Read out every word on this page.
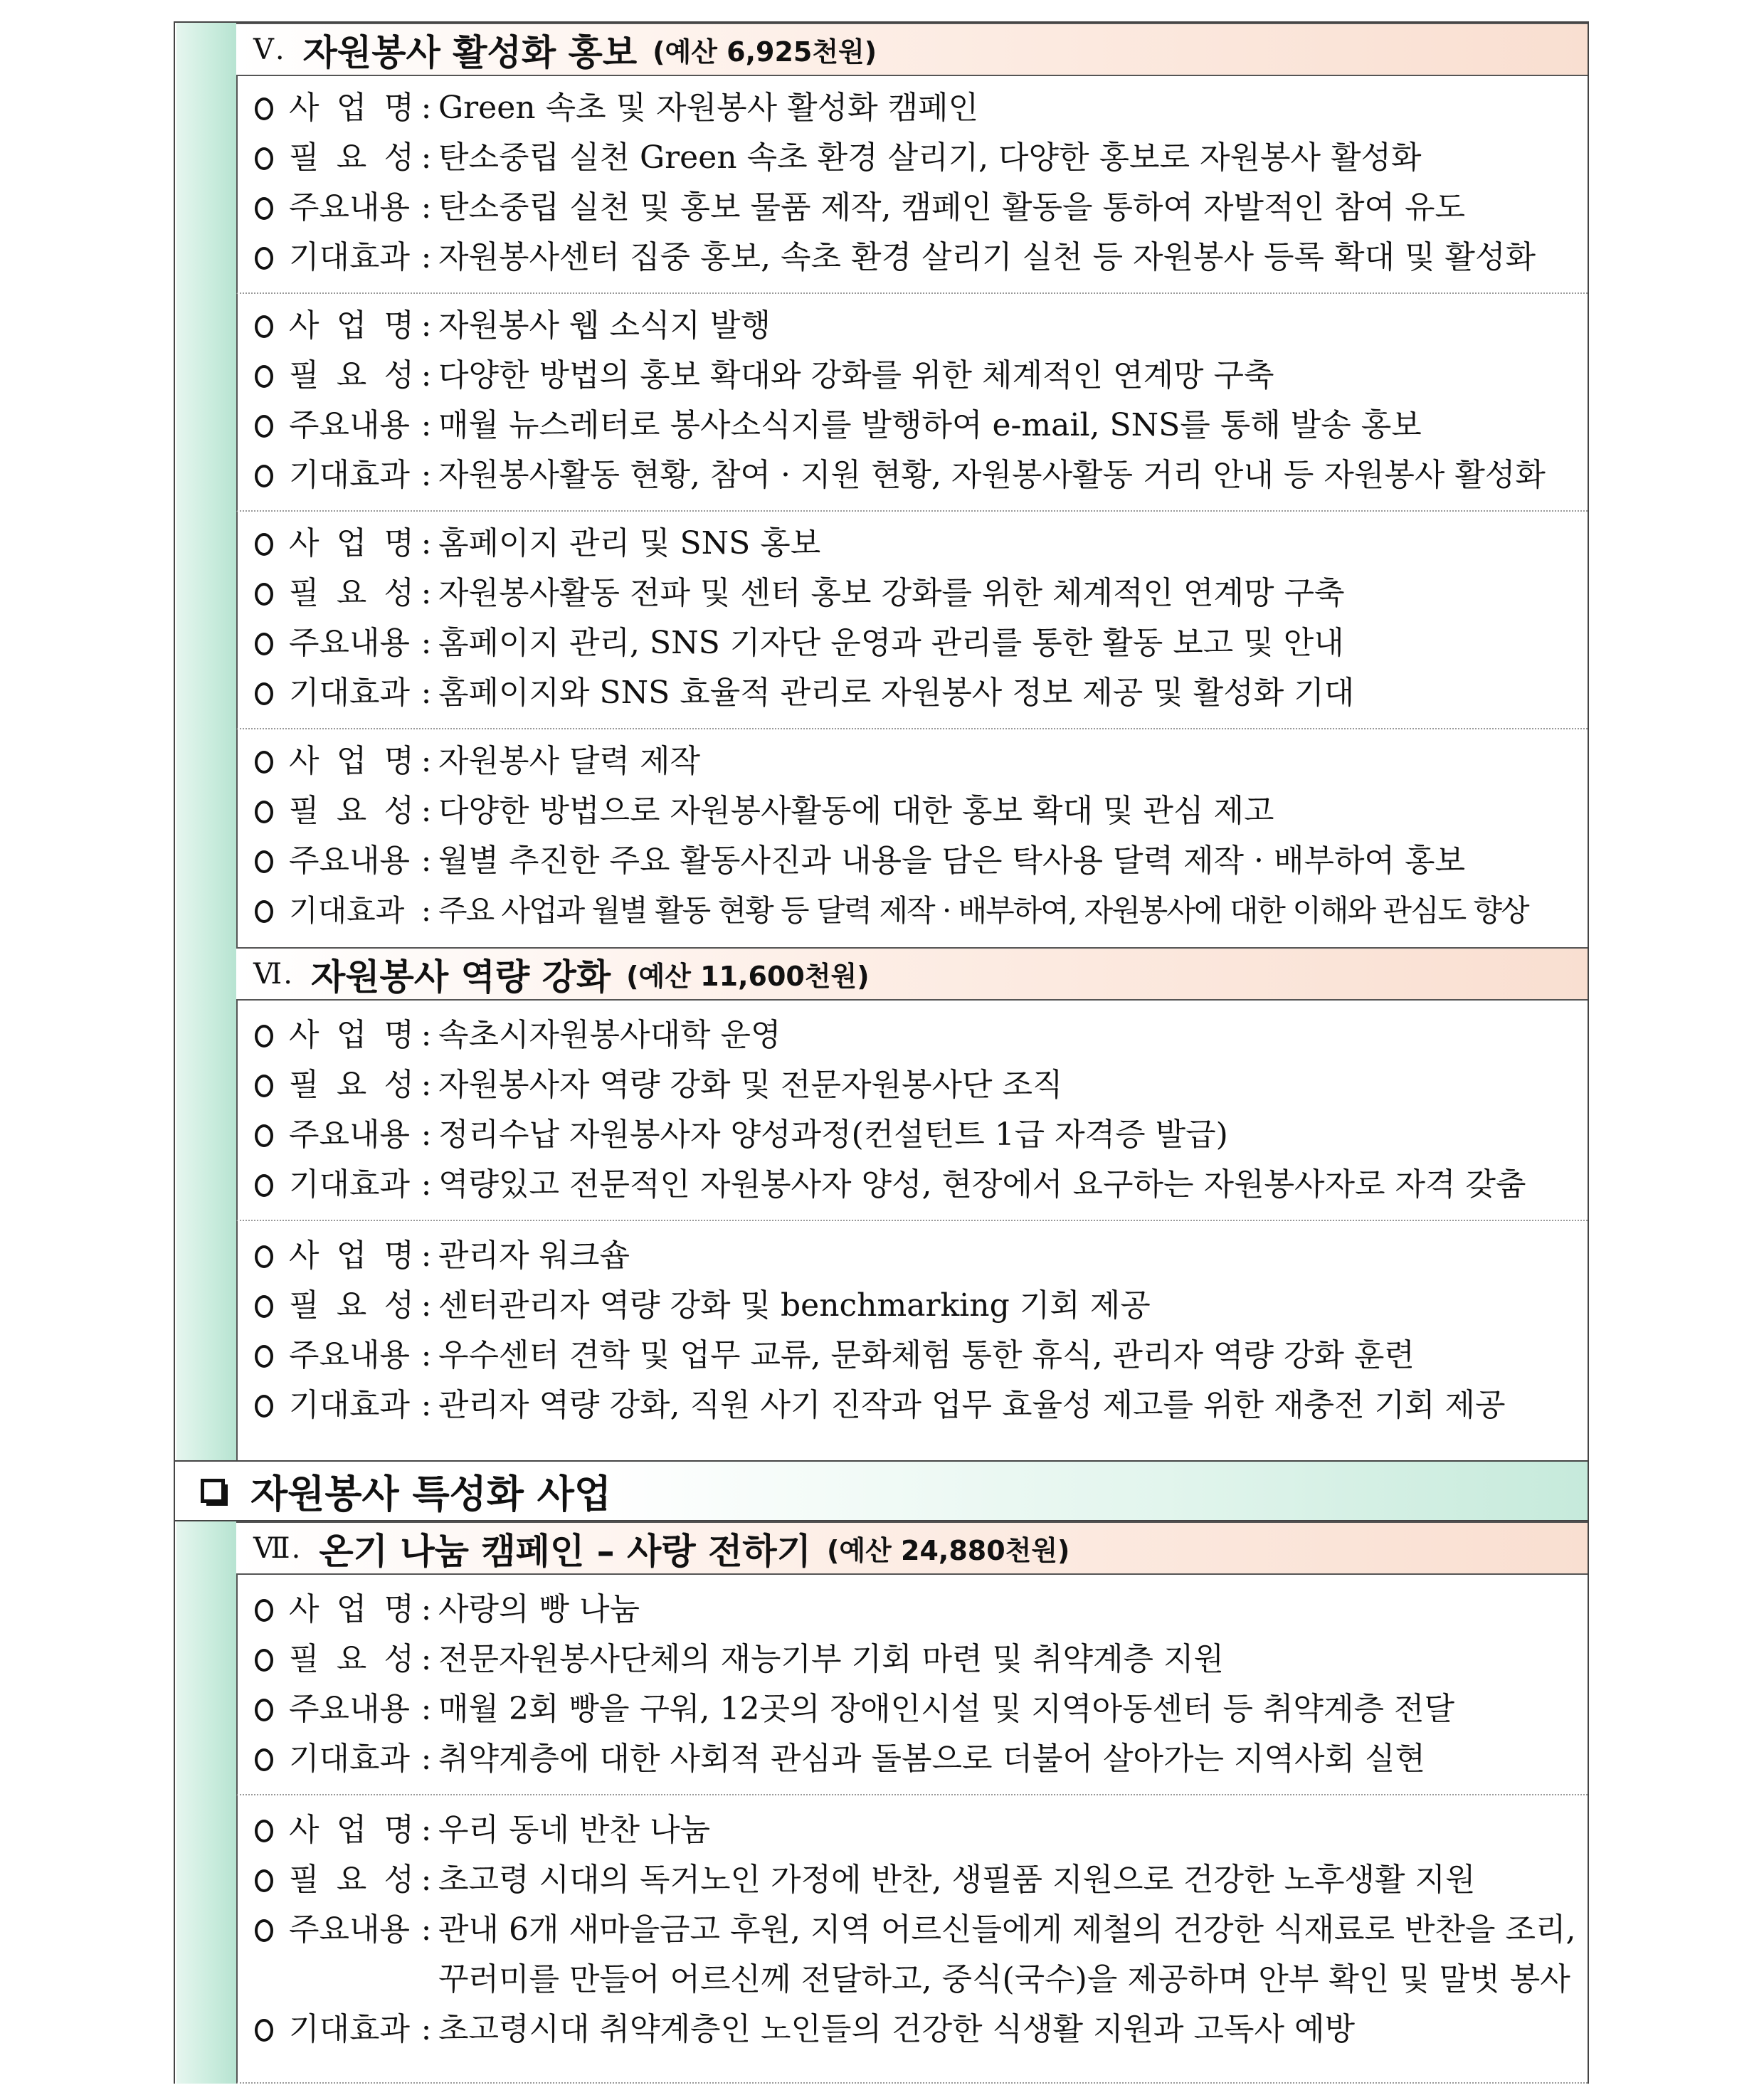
Ⅴ. 자원봉사 활성화 홍보 (예산 6,925천원)
사 업 명 : Green 속초 및 자원봉사 활성화 캠페인
필 요 성 : 탄소중립 실천 Green 속초 환경 살리기, 다양한 홍보로 자원봉사 활성화
주요내용 : 탄소중립 실천 및 홍보 물품 제작, 캠페인 활동을 통하여 자발적인 참여 유도
기대효과 : 자원봉사센터 집중 홍보, 속초 환경 살리기 실천 등 자원봉사 등록 확대 및 활성화
사 업 명 : 자원봉사 웹 소식지 발행
필 요 성 : 다양한 방법의 홍보 확대와 강화를 위한 체계적인 연계망 구축
주요내용 : 매월 뉴스레터로 봉사소식지를 발행하여 e-mail, SNS를 통해 발송 홍보
기대효과 : 자원봉사활동 현황, 참여 · 지원 현황, 자원봉사활동 거리 안내 등 자원봉사 활성화
사 업 명 : 홈페이지 관리 및 SNS 홍보
필 요 성 : 자원봉사활동 전파 및 센터 홍보 강화를 위한 체계적인 연계망 구축
주요내용 : 홈페이지 관리, SNS 기자단 운영과 관리를 통한 활동 보고 및 안내
기대효과 : 홈페이지와 SNS 효율적 관리로 자원봉사 정보 제공 및 활성화 기대
사 업 명 : 자원봉사 달력 제작
필 요 성 : 다양한 방법으로 자원봉사활동에 대한 홍보 확대 및 관심 제고
주요내용 : 월별 추진한 주요 활동사진과 내용을 담은 탁사용 달력 제작 · 배부하여 홍보
기대효과 : 주요 사업과 월별 활동 현황 등 달력 제작 · 배부하여, 자원봉사에 대한 이해와 관심도 향상
Ⅵ. 자원봉사 역량 강화 (예산 11,600천원)
사 업 명 : 속초시자원봉사대학 운영
필 요 성 : 자원봉사자 역량 강화 및 전문자원봉사단 조직
주요내용 : 정리수납 자원봉사자 양성과정(컨설턴트 1급 자격증 발급)
기대효과 : 역량있고 전문적인 자원봉사자 양성, 현장에서 요구하는 자원봉사자로 자격 갖춤
사 업 명 : 관리자 워크숍
필 요 성 : 센터관리자 역량 강화 및 benchmarking 기회 제공
주요내용 : 우수센터 견학 및 업무 교류, 문화체험 통한 휴식, 관리자 역량 강화 훈련
기대효과 : 관리자 역량 강화, 직원 사기 진작과 업무 효율성 제고를 위한 재충전 기회 제공
자원봉사 특성화 사업
Ⅶ. 온기 나눔 캠페인 – 사랑 전하기 (예산 24,880천원)
사 업 명 : 사랑의 빵 나눔
필 요 성 : 전문자원봉사단체의 재능기부 기회 마련 및 취약계층 지원
주요내용 : 매월 2회 빵을 구워, 12곳의 장애인시설 및 지역아동센터 등 취약계층 전달
기대효과 : 취약계층에 대한 사회적 관심과 돌봄으로 더불어 살아가는 지역사회 실현
사 업 명 : 우리 동네 반찬 나눔
필 요 성 : 초고령 시대의 독거노인 가정에 반찬, 생필품 지원으로 건강한 노후생활 지원
주요내용 : 관내 6개 새마을금고 후원, 지역 어르신들에게 제철의 건강한 식재료로 반찬을 조리,
꾸러미를 만들어 어르신께 전달하고, 중식(국수)을 제공하며 안부 확인 및 말벗 봉사
기대효과 : 초고령시대 취약계층인 노인들의 건강한 식생활 지원과 고독사 예방
